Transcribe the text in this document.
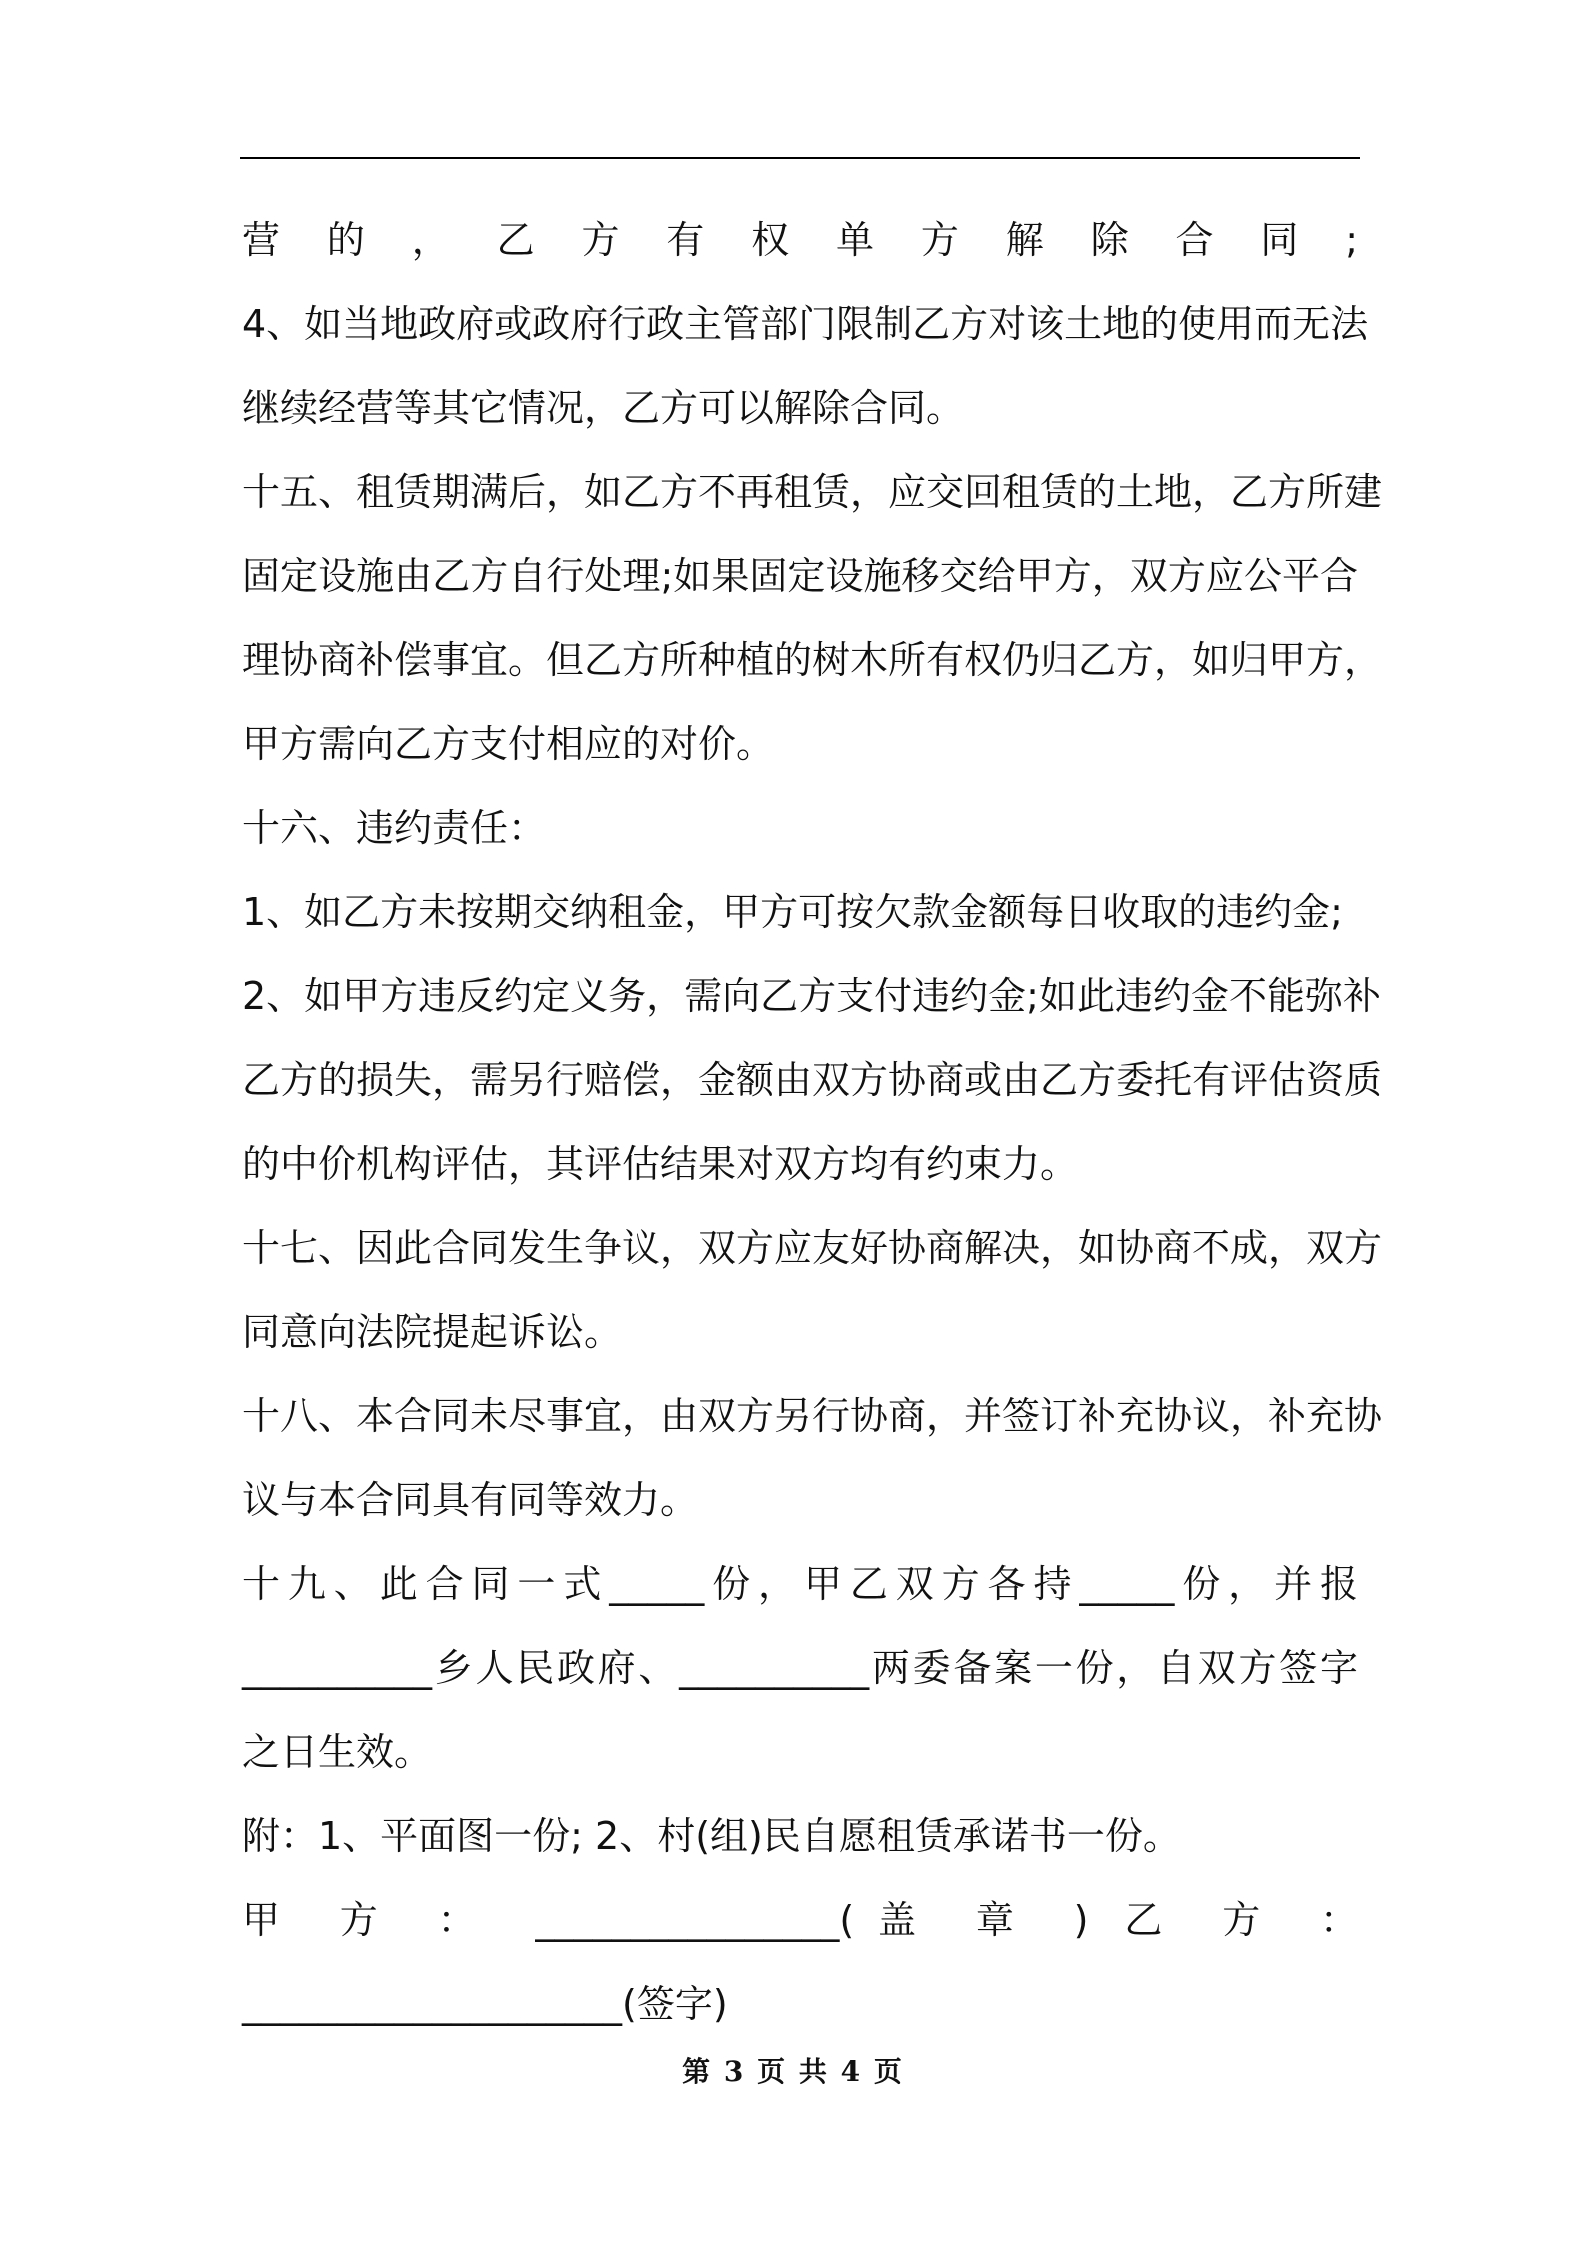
营的，乙方有权单方解除合同;
4、如当地政府或政府行政主管部门限制乙方对该土地的使用而无法
继续经营等其它情况，乙方可以解除合同。
十五、租赁期满后，如乙方不再租赁，应交回租赁的土地，乙方所建
固定设施由乙方自行处理;如果固定设施移交给甲方，双方应公平合
理协商补偿事宜。但乙方所种植的树木所有权仍归乙方，如归甲方，
甲方需向乙方支付相应的对价。
十六、违约责任：
1、如乙方未按期交纳租金，甲方可按欠款金额每日收取的违约金;
2、如甲方违反约定义务，需向乙方支付违约金;如此违约金不能弥补
乙方的损失，需另行赔偿，金额由双方协商或由乙方委托有评估资质
的中价机构评估，其评估结果对双方均有约束力。
十七、因此合同发生争议，双方应友好协商解决，如协商不成，双方
同意向法院提起诉讼。
十八、本合同未尽事宜，由双方另行协商，并签订补充协议，补充协
议与本合同具有同等效力。
十九、此合同一式_____份，甲乙双方各持_____份，并报
__________乡人民政府、__________两委备案一份，自双方签字
之日生效。
附：1、平面图一份; 2、村(组)民自愿租赁承诺书一份。
甲 方 ： ________________(盖 章 ) 乙 方 ：
____________________(签字)
第 3 页 共 4 页
